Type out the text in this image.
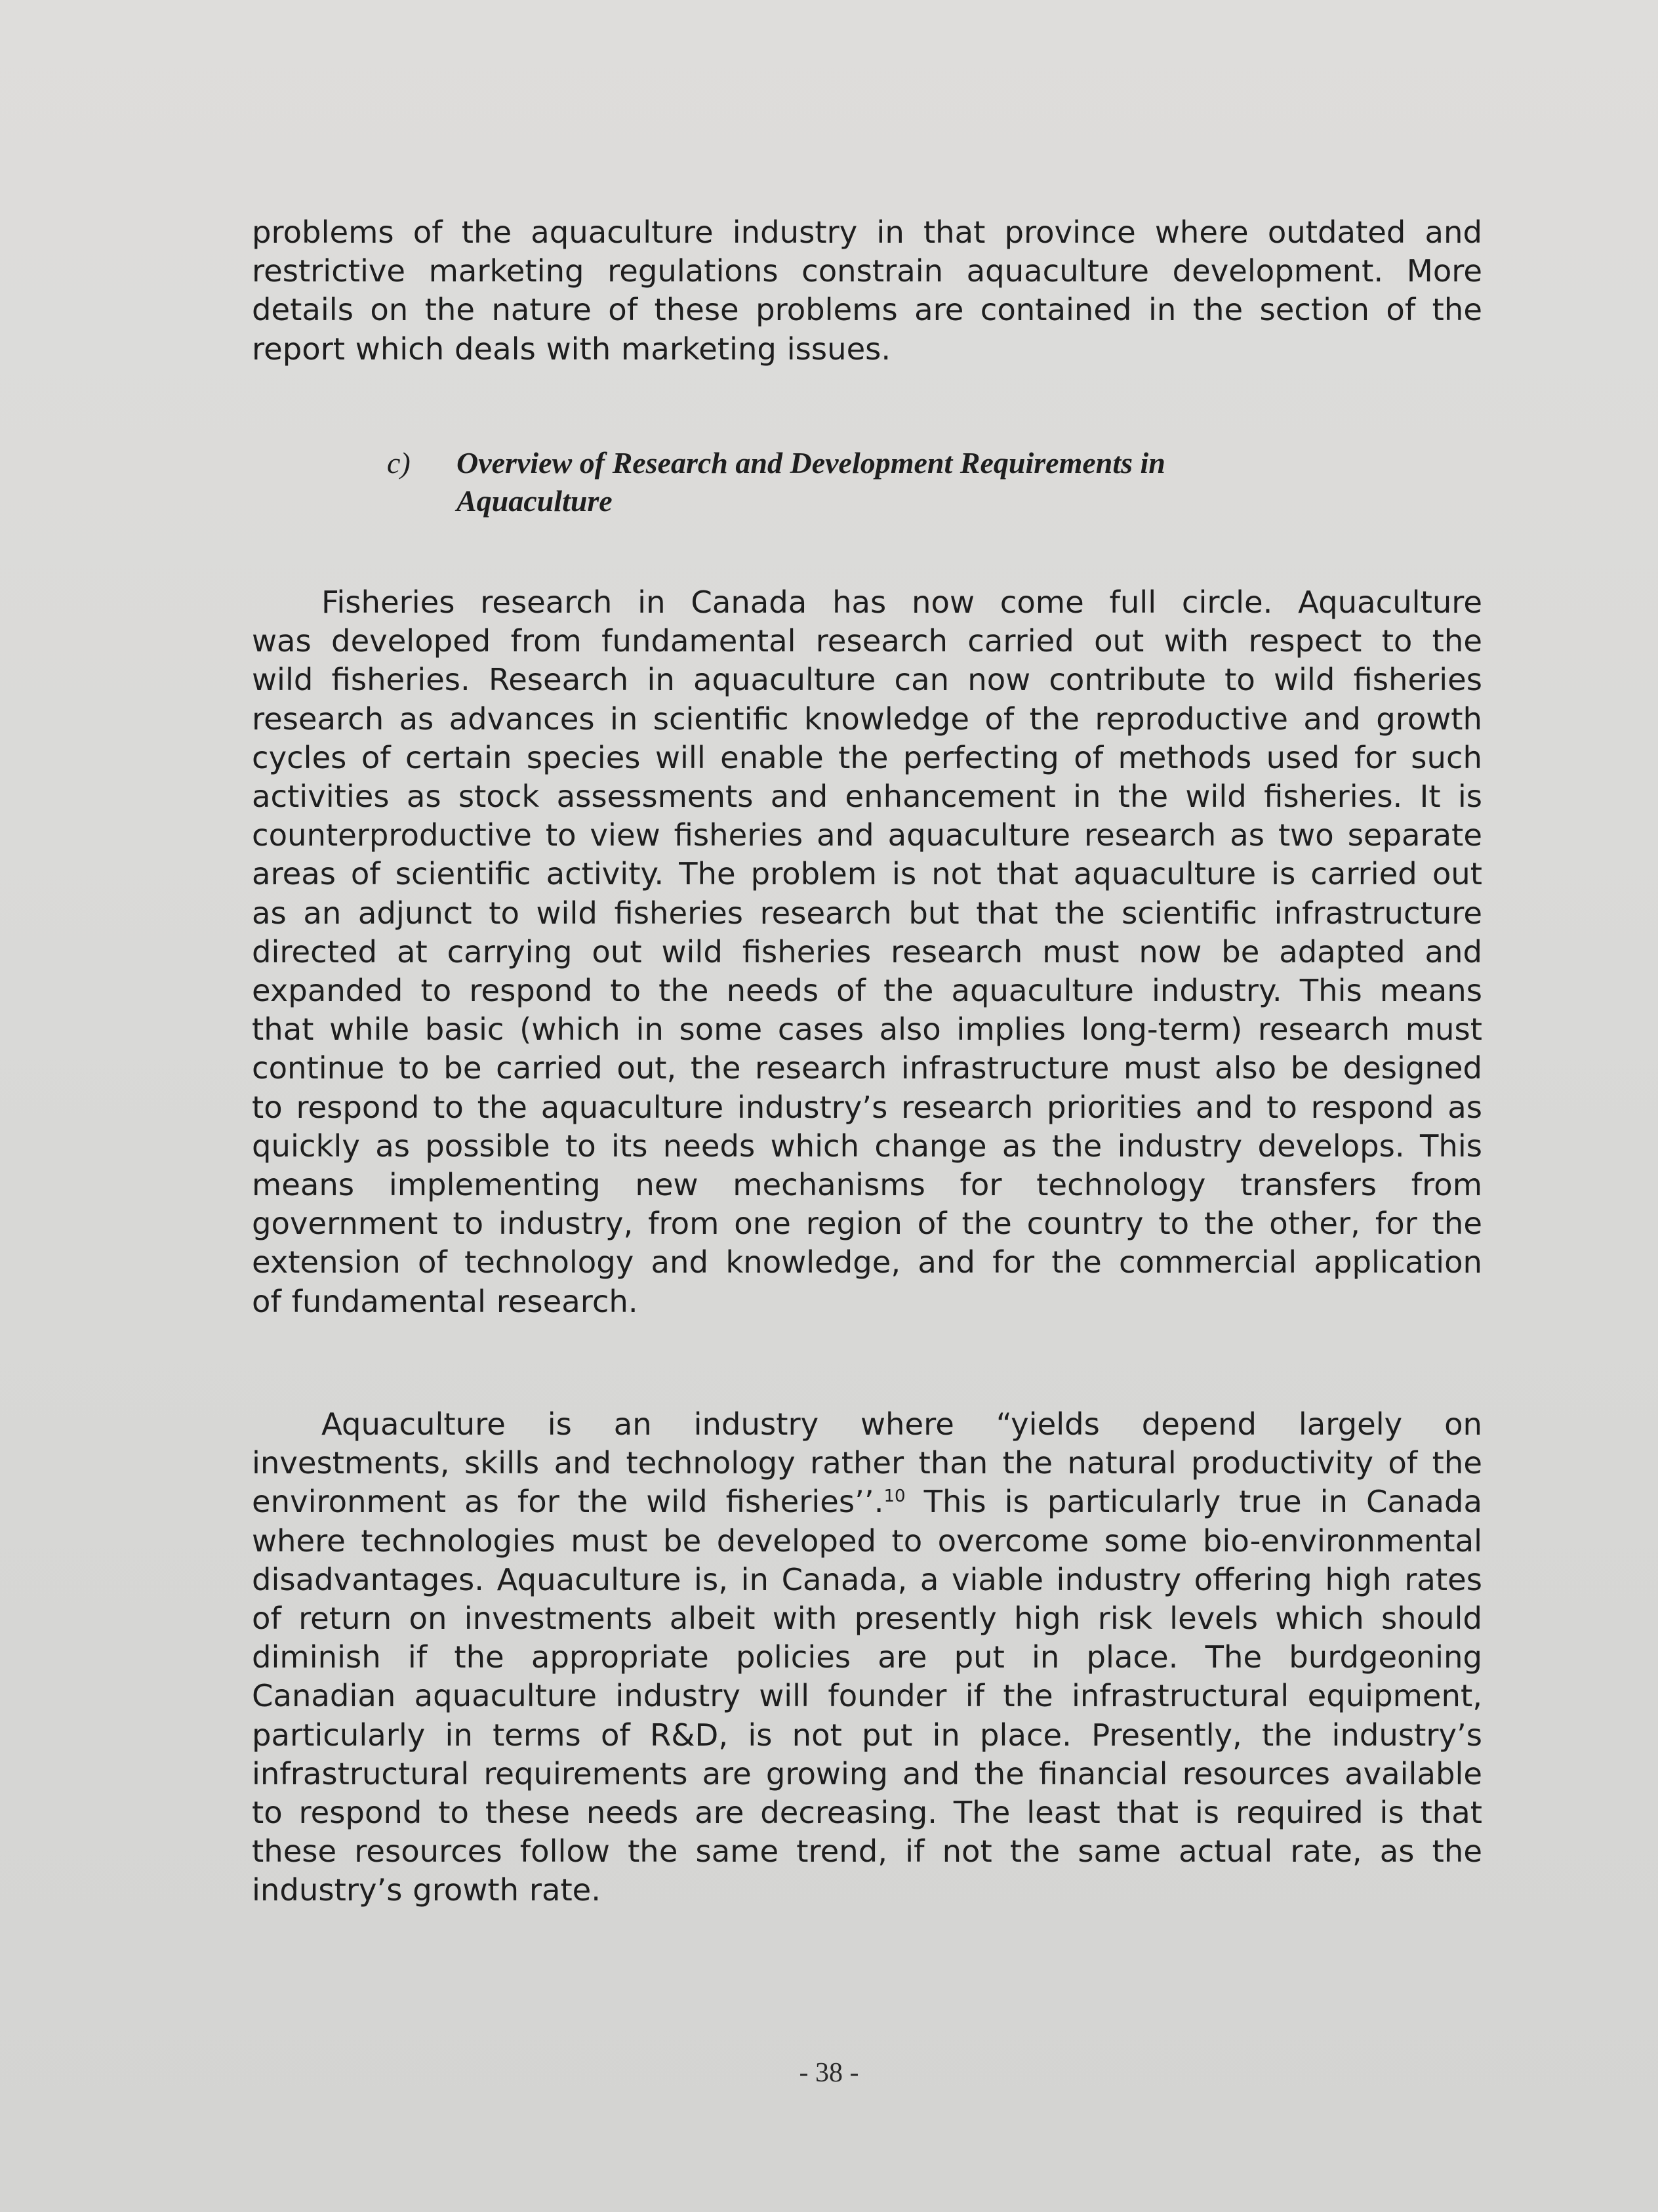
problems of the aquaculture industry in that province where outdated and
restrictive marketing regulations constrain aquaculture development. More
details on the nature of these problems are contained in the section of the
report which deals with marketing issues.
c) Overview of Research and Development Requirements in
Aquaculture
Fisheries research in Canada has now come full circle. Aquaculture
was developed from fundamental research carried out with respect to the
wild fisheries. Research in aquaculture can now contribute to wild fisheries
research as advances in scientific knowledge of the reproductive and growth
cycles of certain species will enable the perfecting of methods used for such
activities as stock assessments and enhancement in the wild fisheries. It is
counterproductive to view fisheries and aquaculture research as two separate
areas of scientific activity. The problem is not that aquaculture is carried out
as an adjunct to wild fisheries research but that the scientific infrastructure
directed at carrying out wild fisheries research must now be adapted and
expanded to respond to the needs of the aquaculture industry. This means
that while basic (which in some cases also implies long-term) research must
continue to be carried out, the research infrastructure must also be designed
to respond to the aquaculture industry’s research priorities and to respond as
quickly as possible to its needs which change as the industry develops. This
means implementing new mechanisms for technology transfers from
government to industry, from one region of the country to the other, for the
extension of technology and knowledge, and for the commercial application
of fundamental research.
Aquaculture is an industry where “yields depend largely on
investments, skills and technology rather than the natural productivity of the
environment as for the wild fisheries’’.$^{10}$ This is particularly true in Canada
where technologies must be developed to overcome some bio-environmental
disadvantages. Aquaculture is, in Canada, a viable industry offering high rates
of return on investments albeit with presently high risk levels which should
diminish if the appropriate policies are put in place. The burdgeoning
Canadian aquaculture industry will founder if the infrastructural equipment,
particularly in terms of R&D, is not put in place. Presently, the industry’s
infrastructural requirements are growing and the financial resources available
to respond to these needs are decreasing. The least that is required is that
these resources follow the same trend, if not the same actual rate, as the
industry’s growth rate.
- 38 -
